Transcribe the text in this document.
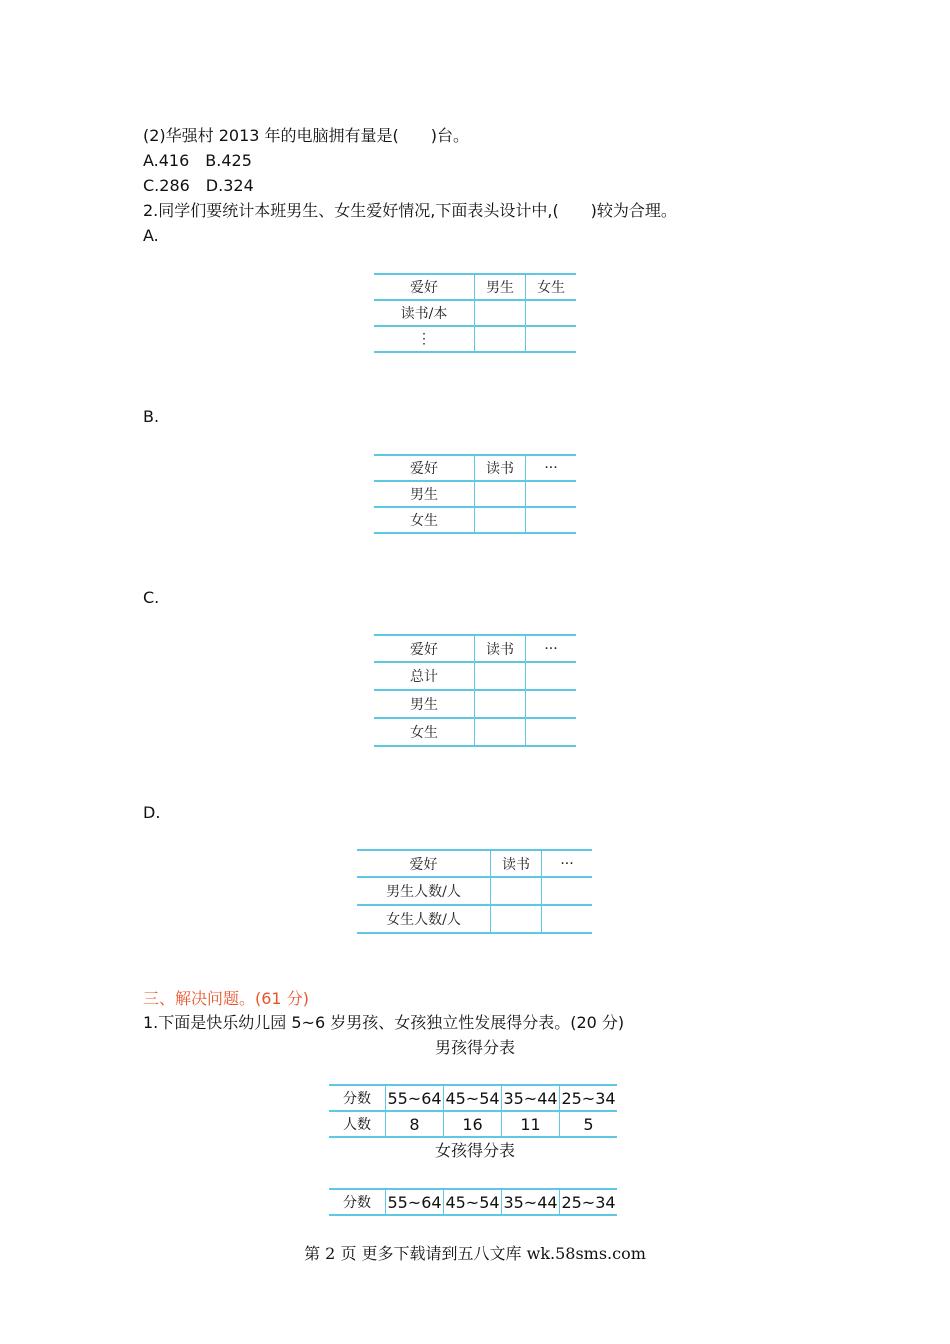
(2)华强村 2013 年的电脑拥有量是(　　)台。
A.416　B.425
C.286　D.324
2.同学们要统计本班男生、女生爱好情况,下面表头设计中,(　　)较为合理。
A.
爱好	男生	女生
读书/本		
⋮		
B.
爱好	读书	···
男生		
女生		
C.
爱好	读书	···
总计		
男生		
女生		
D.
爱好	读书	···
男生人数/人		
女生人数/人		
三、解决问题。(61 分)
1.下面是快乐幼儿园 5~6 岁男孩、女孩独立性发展得分表。(20 分)
男孩得分表
分数	55~64	45~54	35~44	25~34
人数	8	16	11	5
女孩得分表
分数	55~64	45~54	35~44	25~34
第 2 页 更多下载请到五八文库 wk.58sms.com
